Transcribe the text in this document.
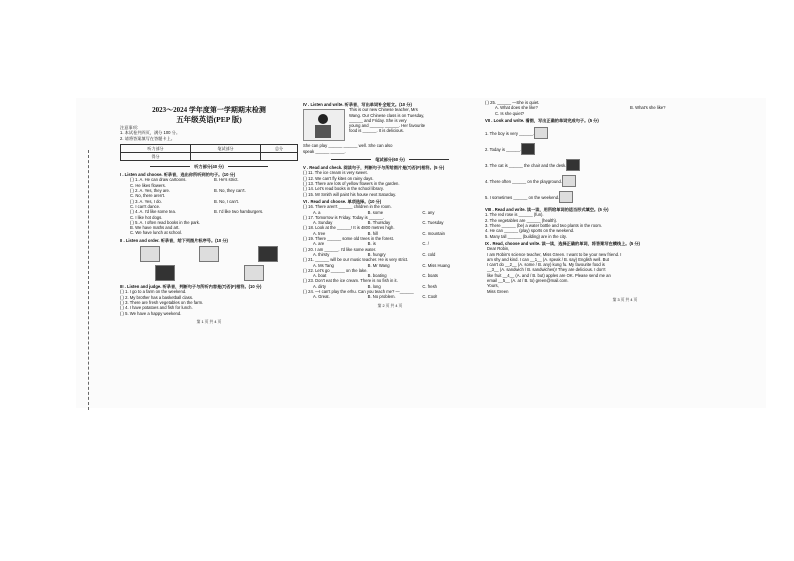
2023～2024 学年度第一学期期末检测
五年级英语(PEP 版)
注意事项:
1. 本试卷共四页，满分 100 分。
2. 请将答案填写在答题卡上。
听力部分	笔试部分	总分
得分		
听力部分(40 分)
I . Listen and choose. 听录音，选出你所听到的句子。(10 分)
( ) 1. A. He can draw cartoons.	B. He's strict.
C. He likes flowers.
( ) 2. A. Yes, they are.	B. No, they can't.
C. No, there aren't.
( ) 3. A. Yes, I do.	B. No, I can't.
C. I can't dance.
( ) 4. A. I'd like some tea.	B. I'd like two hamburgers.
C. I like hot dogs.
( ) 5. A. I often read books in the park.
B. We have maths and art.
C. We have lunch at school.
II . Listen and order. 听录音，给下列图片标序号。(10 分)
III . Listen and judge. 听录音，判断句子与所听内容是(T)否(F)相符。(10 分)
( ) 1. I go to a farm on the weekend.
( ) 2. My brother has a basketball class.
( ) 3. There are fresh vegetables on the farm.
( ) 4. I have potatoes and fish for lunch.
( ) 5. We have a happy weekend.
第 1 页 共 4 页
IV . Listen and write. 听录音，写出单词补全短文。(10 分)
This is our new Chinese teacher, Mrs
Wang. Our Chinese class is on Tuesday,
______ and Friday. She is very
young and ______ ______. Her favourite
food is ______. It is delicious.
She can play ______ ______ well. She can also
speak ______ ______.
笔试部分(60 分)
V . Read and check. 阅读句子，判断句子与所给图片是(T)否(F)相符。(5 分)
( ) 11. The ice cream is very sweet.
( ) 12. We can't fly kites on rainy days.
( ) 13. There are lots of yellow flowers in the garden.
( ) 14. Let's read books in the school library.
( ) 15. Mr Smith will paint his house next Saturday.
VI . Read and choose. 单项选择。(10 分)
( ) 16. There aren't ______ children in the room.
A. a	B. some	C. any
( ) 17. Tomorrow is Friday. Today is ______.
A. Sunday	B. Thursday	C. Tuesday
( ) 18. Look at the ______! It is 4800 metres high.
A. tree	B. hill	C. mountain
( ) 19. There ______ some old trees in the forest.
A. are	B. is	C. /
( ) 20. I am ______. I'd like some water.
A. thirsty	B. hungry	C. cold
( ) 21. ______ will be our music teacher. He is very strict.
A. Ms Tang	B. Mr Wang	C. Miss Huang
( ) 22. Let's go ______ on the lake.
A. boat	B. boating	C. boats
( ) 23. Don't eat the ice cream. There is no fish in it.
A. dirty	B. long	C. fresh
( ) 24. —I can't play the erhu. Can you teach me? —______
A. Great.	B. No problem.	C. Cool!
第 2 页 共 4 页
( ) 25. ______ —She is quiet.
A. What does she like?	B. What's she like?
C. Is she quiet?
VII . Look and write. 看图，写出正确的单词完成句子。(5 分)
1. The boy is very ______.
2. Today is ______.
3. The cat is ______ the chair and the desk.
4. There often ______ on the playground.
5. I sometimes ______ on the weekend.
VIII . Read and write. 读一读，用所给单词的适当形式填空。(5 分)
1. The red rose is ______ (fun).
2. The vegetables are ______ (health).
3. There ______ (be) a water bottle and two plants in the room.
4. He can ______ (play) sports on the weekend.
5. Many tall ______ (building) are in the city.
IX . Read, choose and write. 读一读，选择正确的单词，将答案写在横线上。(5 分)
Dear Robin,
I am Robin's science teacher, Miss Green. I want to be your new friend. I
am shy and kind. I can __1__ (A. speak / B. say) English well. But
I can't do __2__ (A. some / B. any) kung fu. My favourite food is
__3__ (A. sandwich / B. sandwiches)! They are delicious. I don't
like fruit __4__ (A. and / B. but) apples are OK. Please send me an
email __5__ (A. at / B. to) green@mail.com.
Yours,
Miss Green
第 3 页 共 4 页
